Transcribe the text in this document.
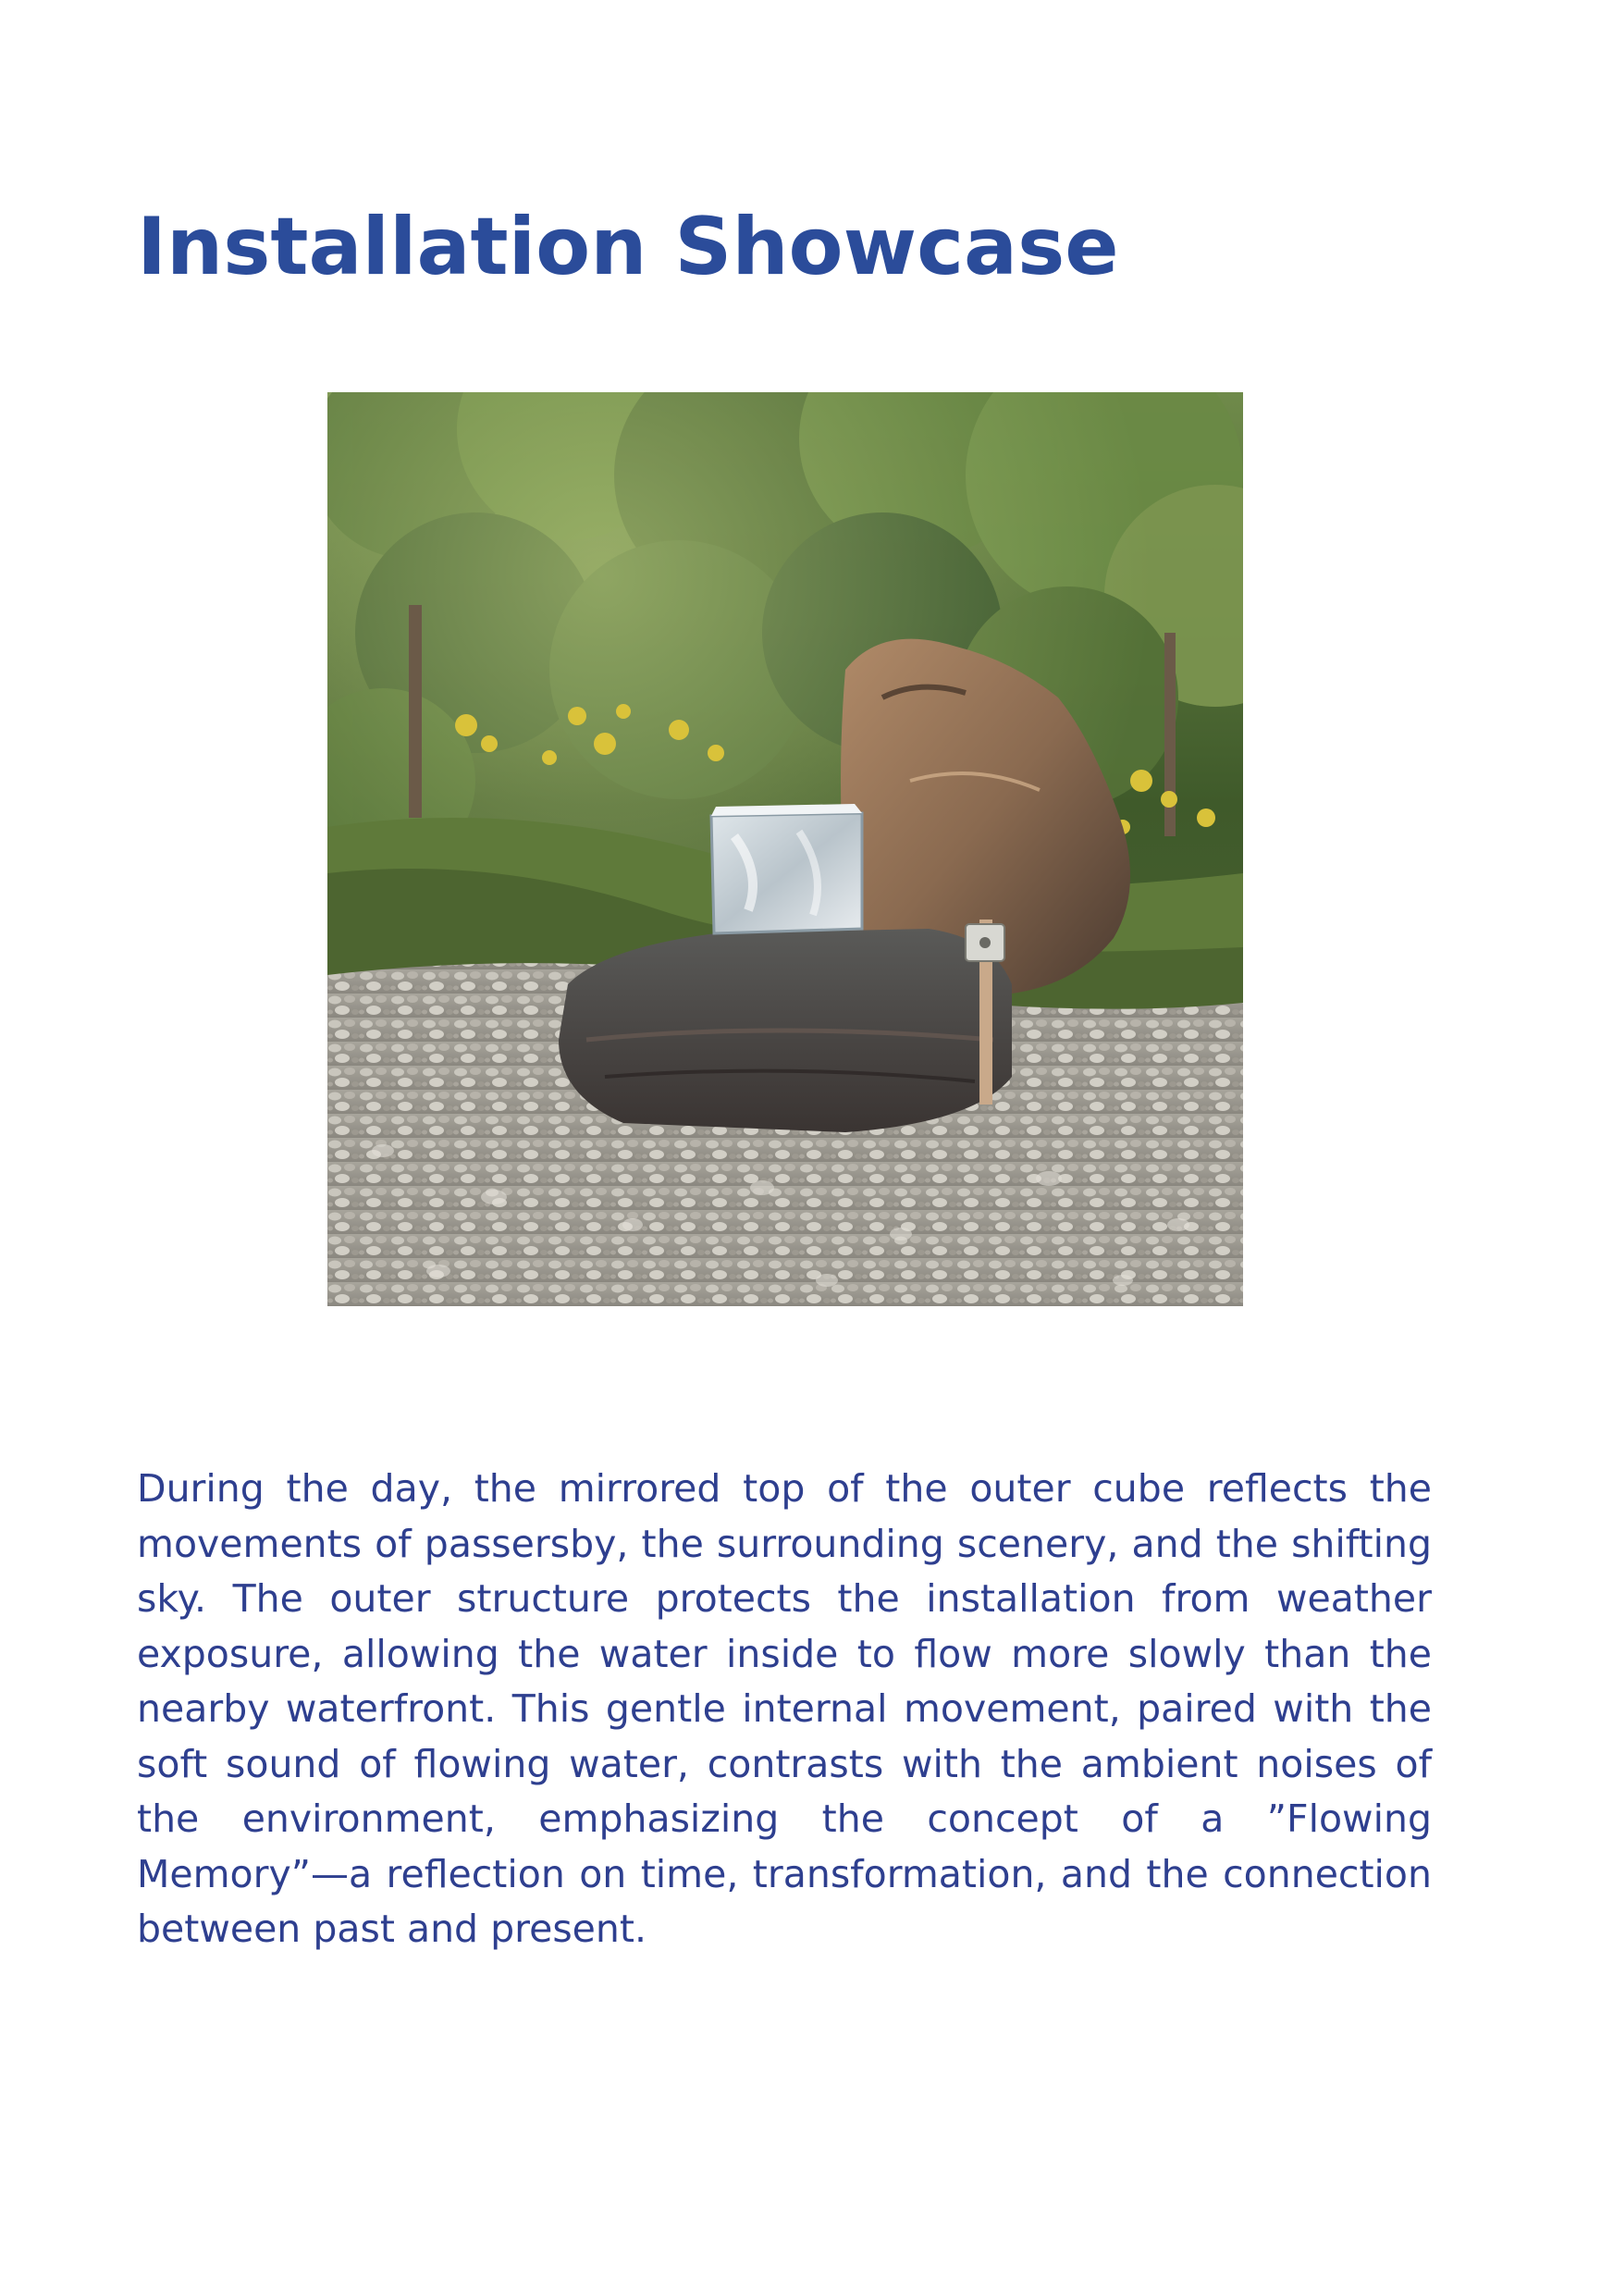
Installation Showcase

During the day, the mirrored top of the outer cube reflects the movements of passersby, the surrounding scenery, and the shifting sky. The outer structure protects the installation from weather exposure, allowing the water inside to flow more slowly than the nearby waterfront. This gentle internal movement, paired with the soft sound of flowing water, contrasts with the ambient noises of the environment, emphasizing the concept of a ”Flowing Memory”—a reflection on time, transformation, and the connection between past and present.
